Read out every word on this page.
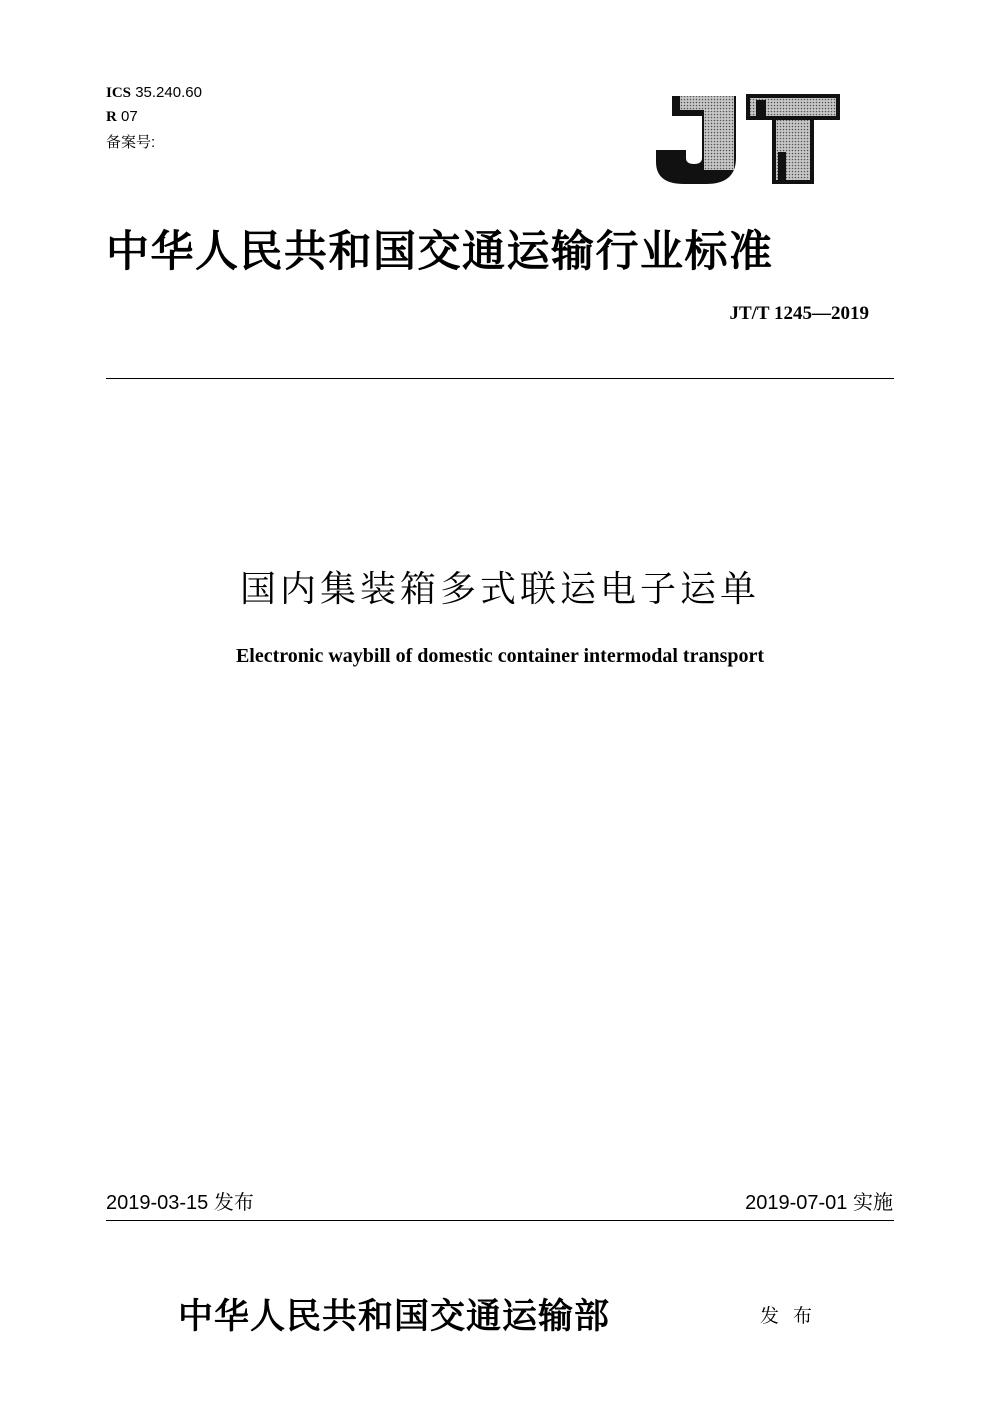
ICS 35.240.60
R 07
备案号:
中华人民共和国交通运输行业标准
JT/T 1245—2019
国内集装箱多式联运电子运单
Electronic waybill of domestic container intermodal transport
2019-03-15 发布	2019-07-01 实施
中华人民共和国交通运输部	发布
